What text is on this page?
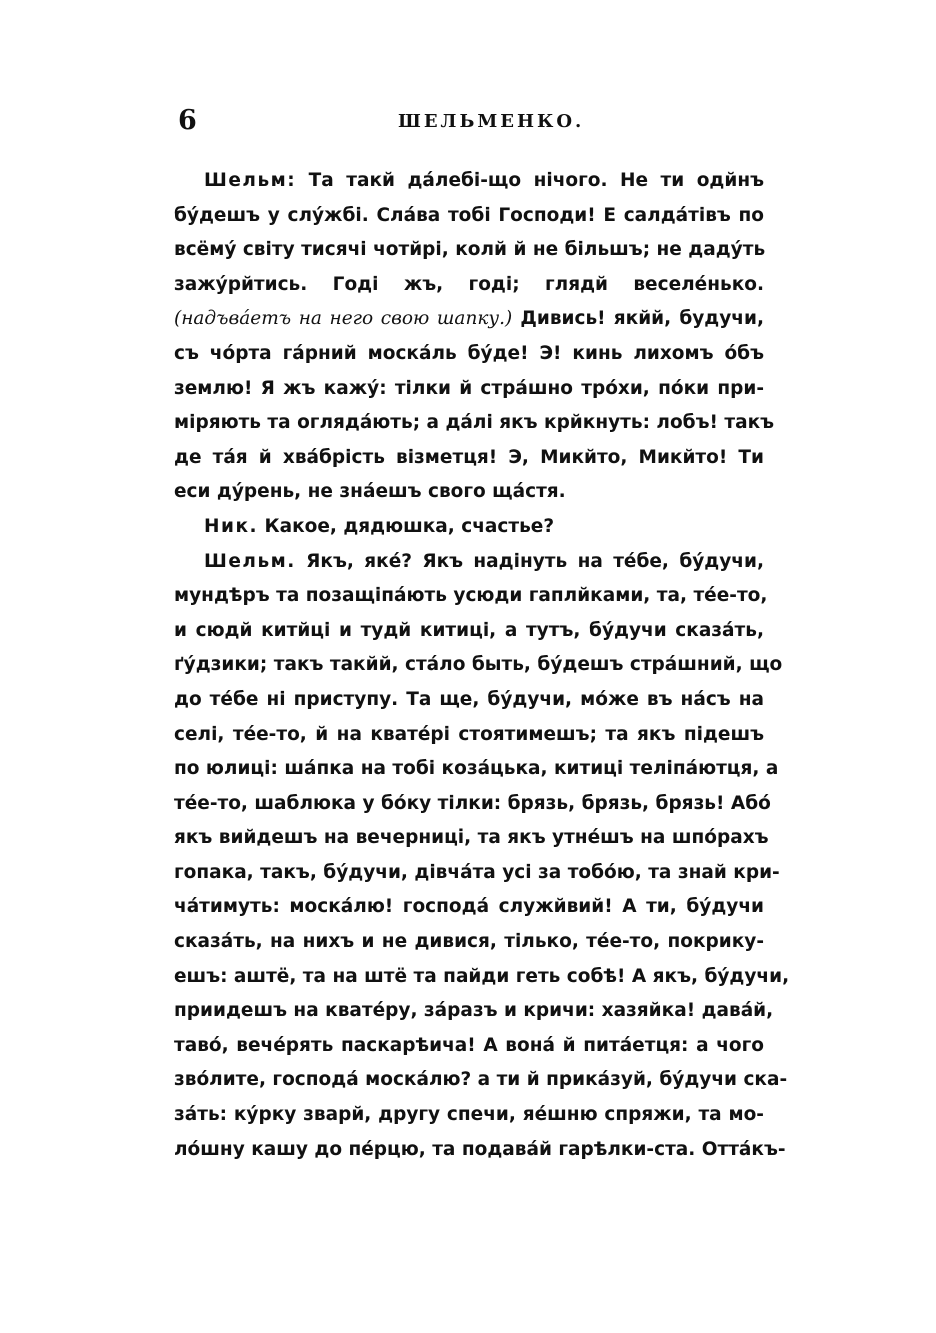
6	ШЕЛЬМЕНКО.
Шельм: Та такй дáлебі-що нічого. Не ти одйнъ
бýдешъ у слýжбі. Слáва тобі Господи! Е салдáтівъ по
всёмý світу тисячі чотйрі, колй й не більшъ; не дадýть
зажýрйтись. Годі жъ, годі; глядй веселéнько.
(надъвáетъ на него свою шапку.) Дивись! якйй, будучи,
съ чóрта гáрний москáль бýде! Э! кинь лихомъ óбъ
землю! Я жъ кажý: тілки й стрáшно трóхи, пóки при-
міряють та оглядáють; а дáлі якъ крйкнуть: лобъ! такъ
де тáя й хвáбрість візметця! Э, Микйто, Микйто! Ти
еси дýрень, не знáешъ свого щáстя.
Ник. Какое, дядюшка, счастье?
Шельм. Якъ, якé? Якъ надінуть на тéбе, бýдучи,
мундѣръ та позащіпáють усюди гаплйками, та, тée-то,
и сюдй китйці и тудй китиці, а тутъ, бýдучи сказáть,
ґýдзики; такъ такйй, стáло быть, бýдешъ стрáшний, що
до тéбе ні приступу. Та ще, бýдучи, мóже въ нáсъ на
селі, тée-то, й на кватéрі стоятимешъ; та якъ підешъ
по юлиці: шáпка на тобі козáцька, китиці теліпáютця, а
тée-то, шаблюка у бóку тілки: брязь, брязь, брязь! Абó
якъ вийдешъ на вечерницi, та якъ утнéшъ на шпóрахъ
гопака, такъ, бýдучи, дівчáта усі за тобóю, та знай кри-
чáтимуть: москáлю! господá служйвий! А ти, бýдучи
сказáть, на нихъ и не дивися, тілько, тée-то, покрику-
ешъ: аштё, та на штё та пайди геть собѣ! А якъ, бýдучи,
приидешъ на кватéру, зáразъ и кричи: хазяйка! давáй,
тавó, вечéрять паскарѣича! А вонá й питáетця: а чого
звóлите, господá москáлю? а ти й прикáзуй, бýдучи ска-
зáть: кýрку зварй, другу спечи, яéшню спряжи, та мо-
лóшну кашу до пéрцю, та подавáй гарѣлки-ста. Оттáкъ-
